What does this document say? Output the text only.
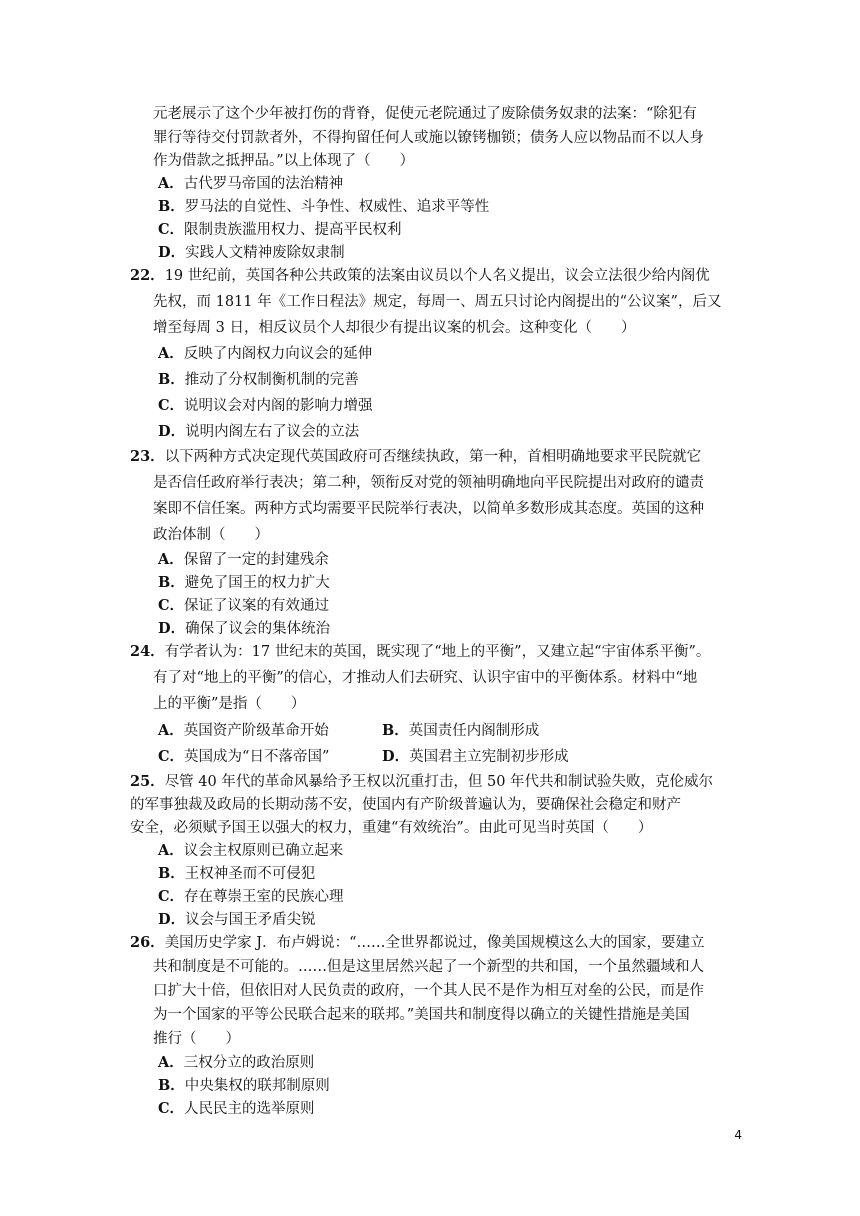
元老展示了这个少年被打伤的背脊，促使元老院通过了废除债务奴隶的法案：“除犯有
罪行等待交付罚款者外，不得拘留任何人或施以镣铐枷锁；债务人应以物品而不以人身
作为借款之抵押品。”以上体现了（　　）
A．古代罗马帝国的法治精神
B．罗马法的自觉性、斗争性、权威性、追求平等性
C．限制贵族滥用权力、提高平民权利
D．实践人文精神废除奴隶制
22．19 世纪前，英国各种公共政策的法案由议员以个人名义提出，议会立法很少给内阁优
先权，而 1811 年《工作日程法》规定，每周一、周五只讨论内阁提出的“公议案”，后又
增至每周 3 日，相反议员个人却很少有提出议案的机会。这种变化（　　）
A．反映了内阁权力向议会的延伸
B．推动了分权制衡机制的完善
C．说明议会对内阁的影响力增强
D．说明内阁左右了议会的立法
23．以下两种方式决定现代英国政府可否继续执政，第一种，首相明确地要求平民院就它
是否信任政府举行表决；第二种，领衔反对党的领袖明确地向平民院提出对政府的谴责
案即不信任案。两种方式均需要平民院举行表决，以简单多数形成其态度。英国的这种
政治体制（　　）
A．保留了一定的封建残余
B．避免了国王的权力扩大
C．保证了议案的有效通过
D．确保了议会的集体统治
24．有学者认为：17 世纪末的英国，既实现了“地上的平衡”，又建立起“宇宙体系平衡”。
有了对“地上的平衡”的信心，才推动人们去研究、认识宇宙中的平衡体系。材料中“地
上的平衡”是指（　　）
A．英国资产阶级革命开始	B．英国责任内阁制形成
C．英国成为“日不落帝国”	D．英国君主立宪制初步形成
25．尽管 40 年代的革命风暴给予王权以沉重打击，但 50 年代共和制试验失败，克伦威尔
的军事独裁及政局的长期动荡不安，使国内有产阶级普遍认为，要确保社会稳定和财产
安全，必须赋予国王以强大的权力，重建“有效统治”。由此可见当时英国（　　）
A．议会主权原则已确立起来
B．王权神圣而不可侵犯
C．存在尊崇王室的民族心理
D．议会与国王矛盾尖锐
26．美国历史学家 J．布卢姆说：“……全世界都说过，像美国规模这么大的国家，要建立
共和制度是不可能的。……但是这里居然兴起了一个新型的共和国，一个虽然疆域和人
口扩大十倍，但依旧对人民负责的政府，一个其人民不是作为相互对垒的公民，而是作
为一个国家的平等公民联合起来的联邦。”美国共和制度得以确立的关键性措施是美国
推行（　　）
A．三权分立的政治原则
B．中央集权的联邦制原则
C．人民民主的选举原则
4
